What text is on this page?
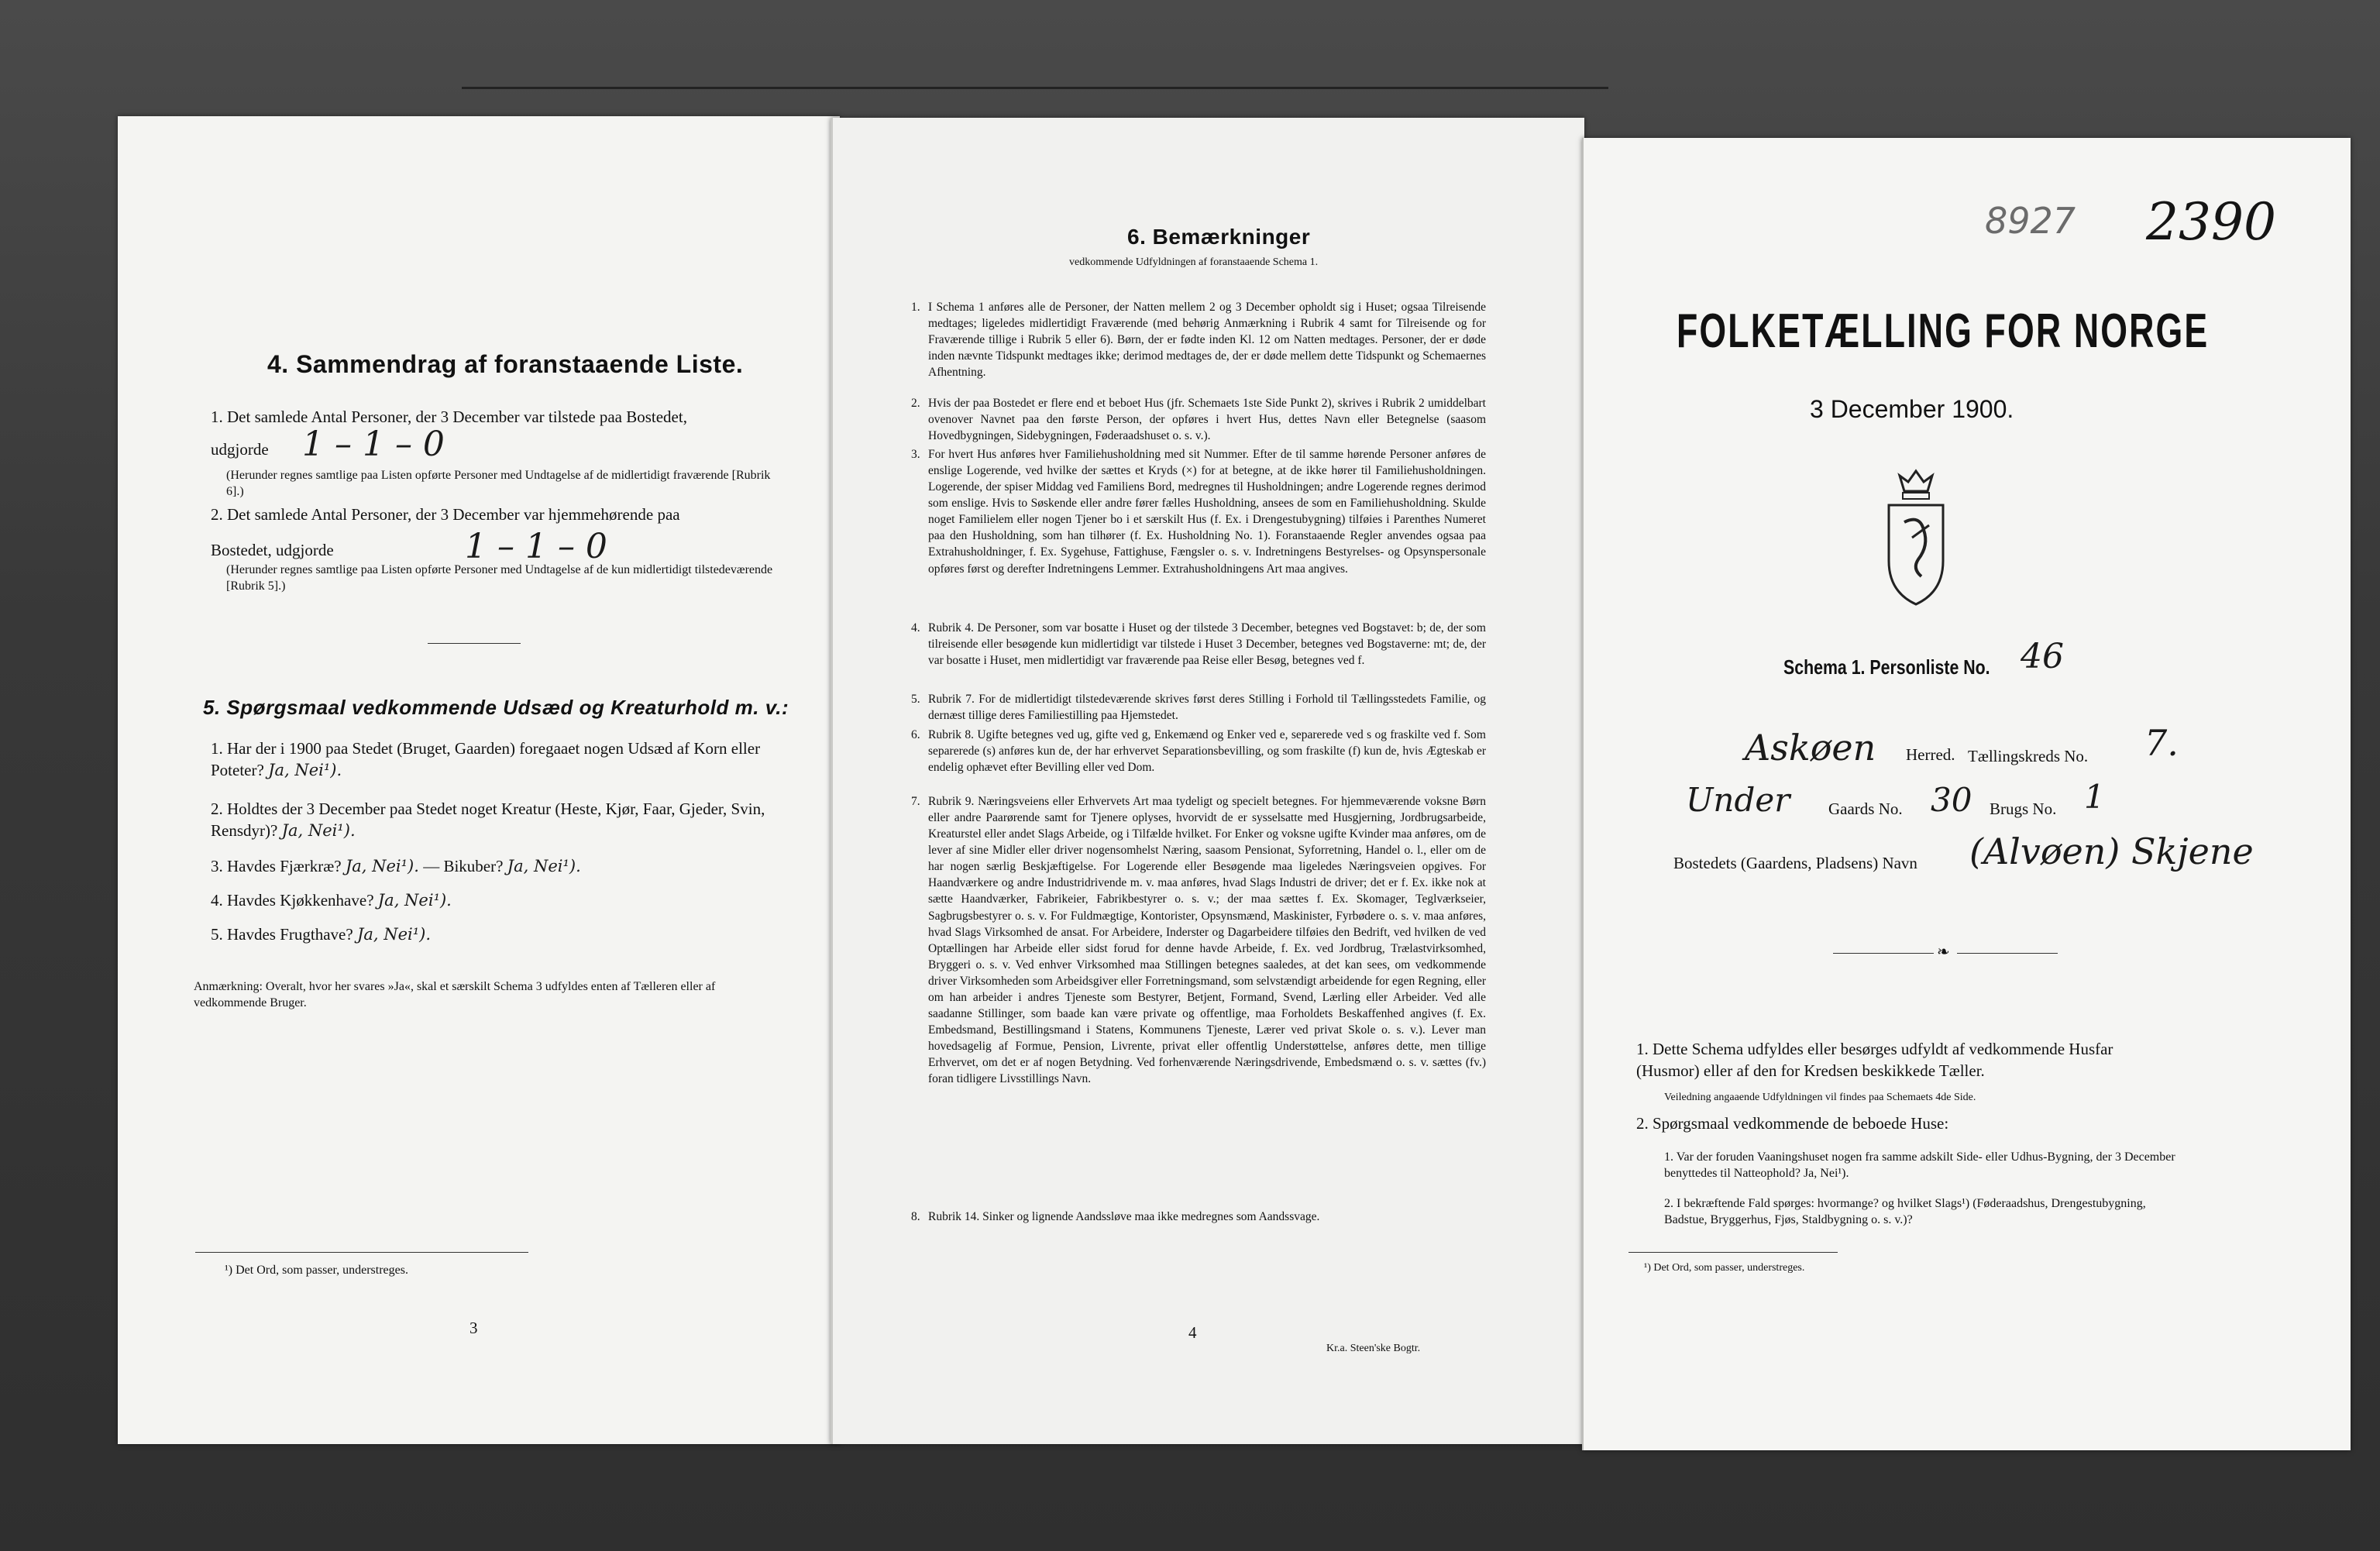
4. Sammendrag af foranstaaende Liste.
1. Det samlede Antal Personer, der 3 December var tilstede paa Bostedet,
udgjorde 1 – 1 – 0
(Herunder regnes samtlige paa Listen opførte Personer med Undtagelse af de midlertidigt fraværende [Rubrik 6].)
2. Det samlede Antal Personer, der 3 December var hjemmehørende paa
Bostedet, udgjorde	1 – 1 – 0
(Herunder regnes samtlige paa Listen opførte Personer med Undtagelse af de kun midlertidigt tilstedeværende [Rubrik 5].)
5. Spørgsmaal vedkommende Udsæd og Kreaturhold m. v.:
1. Har der i 1900 paa Stedet (Bruget, Gaarden) foregaaet nogen Udsæd af Korn eller Poteter? Ja, Nei¹).
2. Holdtes der 3 December paa Stedet noget Kreatur (Heste, Kjør, Faar, Gjeder, Svin, Rensdyr)? Ja, Nei¹).
3. Havdes Fjærkræ? Ja, Nei¹). — Bikuber? Ja, Nei¹).
4. Havdes Kjøkkenhave? Ja, Nei¹).
5. Havdes Frugthave? Ja, Nei¹).
Anmærkning: Overalt, hvor her svares »Ja«, skal et særskilt Schema 3 udfyldes enten af Tælleren eller af vedkommende Bruger.
¹) Det Ord, som passer, understreges.
3
6. Bemærkninger
vedkommende Udfyldningen af foranstaaende Schema 1.
1. I Schema 1 anføres alle de Personer, der Natten mellem 2 og 3 December opholdt sig i Huset; ogsaa Tilreisende medtages; ligeledes midlertidigt Fraværende (med behørig Anmærkning i Rubrik 4 samt for Tilreisende og for Fraværende tillige i Rubrik 5 eller 6). Børn, der er fødte inden Kl. 12 om Natten medtages. Personer, der er døde inden nævnte Tidspunkt medtages ikke; derimod medtages de, der er døde mellem dette Tidspunkt og Schemaernes Afhentning.
2. Hvis der paa Bostedet er flere end et beboet Hus (jfr. Schemaets 1ste Side Punkt 2), skrives i Rubrik 2 umiddelbart ovenover Navnet paa den første Person, der opføres i hvert Hus, dettes Navn eller Betegnelse (saasom Hovedbygningen, Sidebygningen, Føderaadshuset o. s. v.).
3. For hvert Hus anføres hver Familiehusholdning med sit Nummer. Efter de til samme hørende Personer anføres de enslige Logerende, ved hvilke der sættes et Kryds (×) for at betegne, at de ikke hører til Familiehusholdningen. Logerende, der spiser Middag ved Familiens Bord, medregnes til Husholdningen; andre Logerende regnes derimod som enslige. Hvis to Søskende eller andre fører fælles Husholdning, ansees de som en Familiehusholdning. Skulde noget Familielem eller nogen Tjener bo i et særskilt Hus (f. Ex. i Drengestubygning) tilføies i Parenthes Numeret paa den Husholdning, som han tilhører (f. Ex. Husholdning No. 1). Foranstaaende Regler anvendes ogsaa paa Extrahusholdninger, f. Ex. Sygehuse, Fattighuse, Fængsler o. s. v. Indretningens Bestyrelses- og Opsynspersonale opføres først og derefter Indretningens Lemmer. Extrahusholdningens Art maa angives.
4. Rubrik 4. De Personer, som var bosatte i Huset og der tilstede 3 December, betegnes ved Bogstavet: b; de, der som tilreisende eller besøgende kun midlertidigt var tilstede i Huset 3 December, betegnes ved Bogstaverne: mt; de, der var bosatte i Huset, men midlertidigt var fraværende paa Reise eller Besøg, betegnes ved f.
5. Rubrik 7. For de midlertidigt tilstedeværende skrives først deres Stilling i Forhold til Tællingsstedets Familie, og dernæst tillige deres Familiestilling paa Hjemstedet.
6. Rubrik 8. Ugifte betegnes ved ug, gifte ved g, Enkemænd og Enker ved e, separerede ved s og fraskilte ved f. Som separerede (s) anføres kun de, der har erhvervet Separationsbevilling, og som fraskilte (f) kun de, hvis Ægteskab er endelig ophævet efter Bevilling eller ved Dom.
7. Rubrik 9. Næringsveiens eller Erhvervets Art maa tydeligt og specielt betegnes. For hjemmeværende voksne Børn eller andre Paarørende samt for Tjenere oplyses, hvorvidt de er sysselsatte med Husgjerning, Jordbrugsarbeide, Kreaturstel eller andet Slags Arbeide, og i Tilfælde hvilket. For Enker og voksne ugifte Kvinder maa anføres, om de lever af sine Midler eller driver nogensomhelst Næring, saasom Pensionat, Syforretning, Handel o. l., eller om de har nogen særlig Beskjæftigelse. For Logerende eller Besøgende maa ligeledes Næringsveien opgives. For Haandværkere og andre Industridrivende m. v. maa anføres, hvad Slags Industri de driver; det er f. Ex. ikke nok at sætte Haandværker, Fabrikeier, Fabrikbestyrer o. s. v.; der maa sættes f. Ex. Skomager, Teglværkseier, Sagbrugsbestyrer o. s. v. For Fuldmægtige, Kontorister, Opsynsmænd, Maskinister, Fyrbødere o. s. v. maa anføres, hvad Slags Virksomhed de ansat. For Arbeidere, Inderster og Dagarbeidere tilføies den Bedrift, ved hvilken de ved Optællingen har Arbeide eller sidst forud for denne havde Arbeide, f. Ex. ved Jordbrug, Trælastvirksomhed, Bryggeri o. s. v. Ved enhver Virksomhed maa Stillingen betegnes saaledes, at det kan sees, om vedkommende driver Virksomheden som Arbeidsgiver eller Forretningsmand, som selvstændigt arbeidende for egen Regning, eller om han arbeider i andres Tjeneste som Bestyrer, Betjent, Formand, Svend, Lærling eller Arbeider. Ved alle saadanne Stillinger, som baade kan være private og offentlige, maa Forholdets Beskaffenhed angives (f. Ex. Embedsmand, Bestillingsmand i Statens, Kommunens Tjeneste, Lærer ved privat Skole o. s. v.). Lever man hovedsagelig af Formue, Pension, Livrente, privat eller offentlig Understøttelse, anføres dette, men tillige Erhvervet, om det er af nogen Betydning. Ved forhenværende Næringsdrivende, Embedsmænd o. s. v. sættes (fv.) foran tidligere Livsstillings Navn.
8. Rubrik 14. Sinker og lignende Aandssløve maa ikke medregnes som Aandssvage.
4
Kr.a. Steen'ske Bogtr.
8927 2390
FOLKETÆLLING FOR NORGE
3 December 1900.
Schema 1. Personliste No. 46
Askøen Herred. Tællingskreds No. 7.
Under Gaards No. 30 Brugs No. 1
Bostedets (Gaardens, Pladsens) Navn (Alvøen) Skjene
❧
1. Dette Schema udfyldes eller besørges udfyldt af vedkommende Husfar (Husmor) eller af den for Kredsen beskikkede Tæller.
Veiledning angaaende Udfyldningen vil findes paa Schemaets 4de Side.
2. Spørgsmaal vedkommende de beboede Huse:
1. Var der foruden Vaaningshuset nogen fra samme adskilt Side- eller Udhus-Bygning, der 3 December benyttedes til Natteophold? Ja, Nei¹).
2. I bekræftende Fald spørges: hvormange? og hvilket Slags¹) (Føderaadshus, Drengestubygning, Badstue, Bryggerhus, Fjøs, Staldbygning o. s. v.)?
¹) Det Ord, som passer, understreges.
